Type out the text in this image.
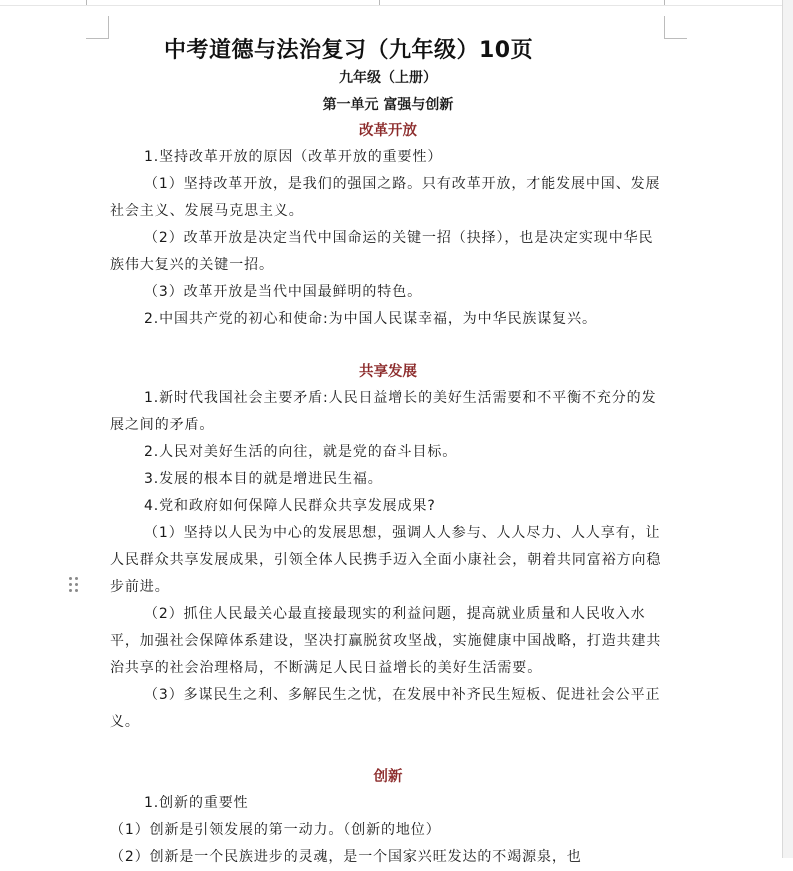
中考道德与法治复习（九年级）10页
九年级（上册）
第一单元 富强与创新
改革开放

1.坚持改革开放的原因（改革开放的重要性）

（1）坚持改革开放，是我们的强国之路。只有改革开放，才能发展中国、发展社会主义、发展马克思主义。

（2）改革开放是决定当代中国命运的关键一招（抉择），也是决定实现中华民族伟大复兴的关键一招。

（3）改革开放是当代中国最鲜明的特色。

2.中国共产党的初心和使命:为中国人民谋幸福，为中华民族谋复兴。

共享发展

1.新时代我国社会主要矛盾:人民日益增长的美好生活需要和不平衡不充分的发展之间的矛盾。

2.人民对美好生活的向往，就是党的奋斗目标。

3.发展的根本目的就是增进民生福。

4.党和政府如何保障人民群众共享发展成果?

（1）坚持以人民为中心的发展思想，强调人人参与、人人尽力、人人享有，让人民群众共享发展成果，引领全体人民携手迈入全面小康社会，朝着共同富裕方向稳步前进。

（2）抓住人民最关心最直接最现实的利益问题，提高就业质量和人民收入水平，加强社会保障体系建设，坚决打赢脱贫攻坚战，实施健康中国战略，打造共建共治共享的社会治理格局，不断满足人民日益增长的美好生活需要。

（3）多谋民生之利、多解民生之忧，在发展中补齐民生短板、促进社会公平正义。

创新

1.创新的重要性

（1）创新是引领发展的第一动力。（创新的地位）

（2）创新是一个民族进步的灵魂，是一个国家兴旺发达的不竭源泉，也
